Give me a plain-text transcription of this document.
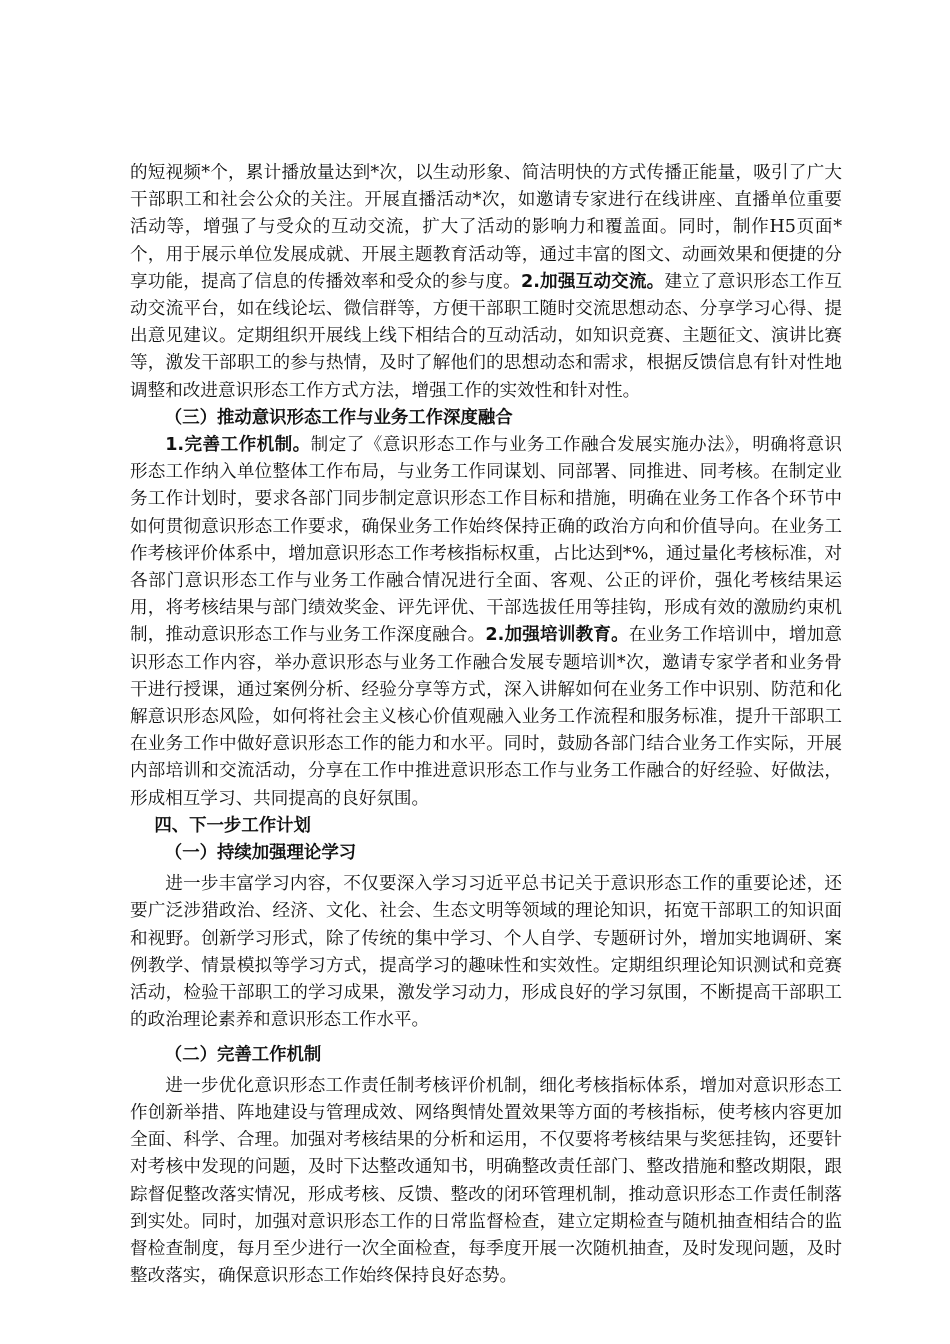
的短视频*个，累计播放量达到*次，以生动形象、简洁明快的方式传播正能量，吸引了广大干部职工和社会公众的关注。开展直播活动*次，如邀请专家进行在线讲座、直播单位重要活动等，增强了与受众的互动交流，扩大了活动的影响力和覆盖面。同时，制作H5页面*个，用于展示单位发展成就、开展主题教育活动等，通过丰富的图文、动画效果和便捷的分享功能，提高了信息的传播效率和受众的参与度。2.加强互动交流。建立了意识形态工作互动交流平台，如在线论坛、微信群等，方便干部职工随时交流思想动态、分享学习心得、提出意见建议。定期组织开展线上线下相结合的互动活动，如知识竞赛、主题征文、演讲比赛等，激发干部职工的参与热情，及时了解他们的思想动态和需求，根据反馈信息有针对性地调整和改进意识形态工作方式方法，增强工作的实效性和针对性。

（三）推动意识形态工作与业务工作深度融合

1.完善工作机制。制定了《意识形态工作与业务工作融合发展实施办法》，明确将意识形态工作纳入单位整体工作布局，与业务工作同谋划、同部署、同推进、同考核。在制定业务工作计划时，要求各部门同步制定意识形态工作目标和措施，明确在业务工作各个环节中如何贯彻意识形态工作要求，确保业务工作始终保持正确的政治方向和价值导向。在业务工作考核评价体系中，增加意识形态工作考核指标权重，占比达到*%，通过量化考核标准，对各部门意识形态工作与业务工作融合情况进行全面、客观、公正的评价，强化考核结果运用，将考核结果与部门绩效奖金、评先评优、干部选拔任用等挂钩，形成有效的激励约束机制，推动意识形态工作与业务工作深度融合。2.加强培训教育。在业务工作培训中，增加意识形态工作内容，举办意识形态与业务工作融合发展专题培训*次，邀请专家学者和业务骨干进行授课，通过案例分析、经验分享等方式，深入讲解如何在业务工作中识别、防范和化解意识形态风险，如何将社会主义核心价值观融入业务工作流程和服务标准，提升干部职工在业务工作中做好意识形态工作的能力和水平。同时，鼓励各部门结合业务工作实际，开展内部培训和交流活动，分享在工作中推进意识形态工作与业务工作融合的好经验、好做法，形成相互学习、共同提高的良好氛围。

四、下一步工作计划

（一）持续加强理论学习

进一步丰富学习内容，不仅要深入学习习近平总书记关于意识形态工作的重要论述，还要广泛涉猎政治、经济、文化、社会、生态文明等领域的理论知识，拓宽干部职工的知识面和视野。创新学习形式，除了传统的集中学习、个人自学、专题研讨外，增加实地调研、案例教学、情景模拟等学习方式，提高学习的趣味性和实效性。定期组织理论知识测试和竞赛活动，检验干部职工的学习成果，激发学习动力，形成良好的学习氛围，不断提高干部职工的政治理论素养和意识形态工作水平。

（二）完善工作机制

进一步优化意识形态工作责任制考核评价机制，细化考核指标体系，增加对意识形态工作创新举措、阵地建设与管理成效、网络舆情处置效果等方面的考核指标，使考核内容更加全面、科学、合理。加强对考核结果的分析和运用，不仅要将考核结果与奖惩挂钩，还要针对考核中发现的问题，及时下达整改通知书，明确整改责任部门、整改措施和整改期限，跟踪督促整改落实情况，形成考核、反馈、整改的闭环管理机制，推动意识形态工作责任制落到实处。同时，加强对意识形态工作的日常监督检查，建立定期检查与随机抽查相结合的监督检查制度，每月至少进行一次全面检查，每季度开展一次随机抽查，及时发现问题，及时整改落实，确保意识形态工作始终保持良好态势。
